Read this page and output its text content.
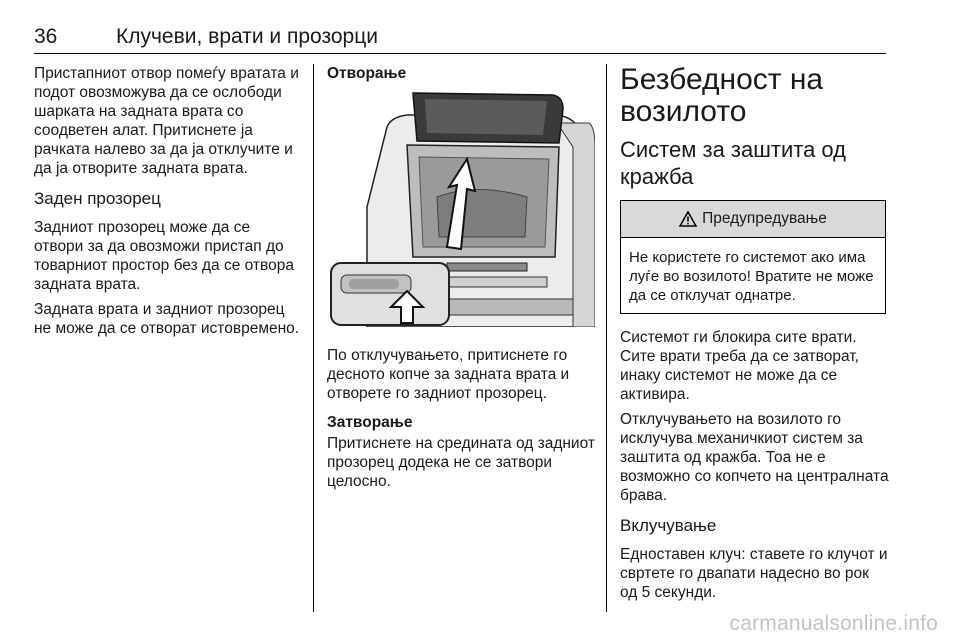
36	Клучеви, врати и прозорци

Пристапниот отвор помеѓу вратата и подот овозможува да се ослободи шарката на задната врата со соодветен алат. Притиснете ја рачката налево за да ја отклучите и да ја отворите задната врата.

Заден прозорец

Задниот прозорец може да се отвори за да овозможи пристап до товарниот простор без да се отвора задната врата.

Задната врата и задниот прозорец не може да се отворат истовремено.

Отворање

По отклучувањето, притиснете го десното копче за задната врата и отворете го задниот прозорец.

Затворање

Притиснете на средината од задниот прозорец додека не се затвори целосно.

Безбедност на возилото
Систем за заштита од кражба
Предупредување
Не користете го системот ако има луѓе во возилото! Вратите не може да се отклучат однатре.

Системот ги блокира сите врати. Сите врати треба да се затворат, инаку системот не може да се активира.

Отклучувањето на возилото го исклучува механичкиот систем за заштита од кражба. Тоа не е возможно со копчето на централната брава.

Вклучување

Едноставен клуч: ставете го клучот и свртете го двапати надесно во рок од 5 секунди.

carmanualsonline.info
